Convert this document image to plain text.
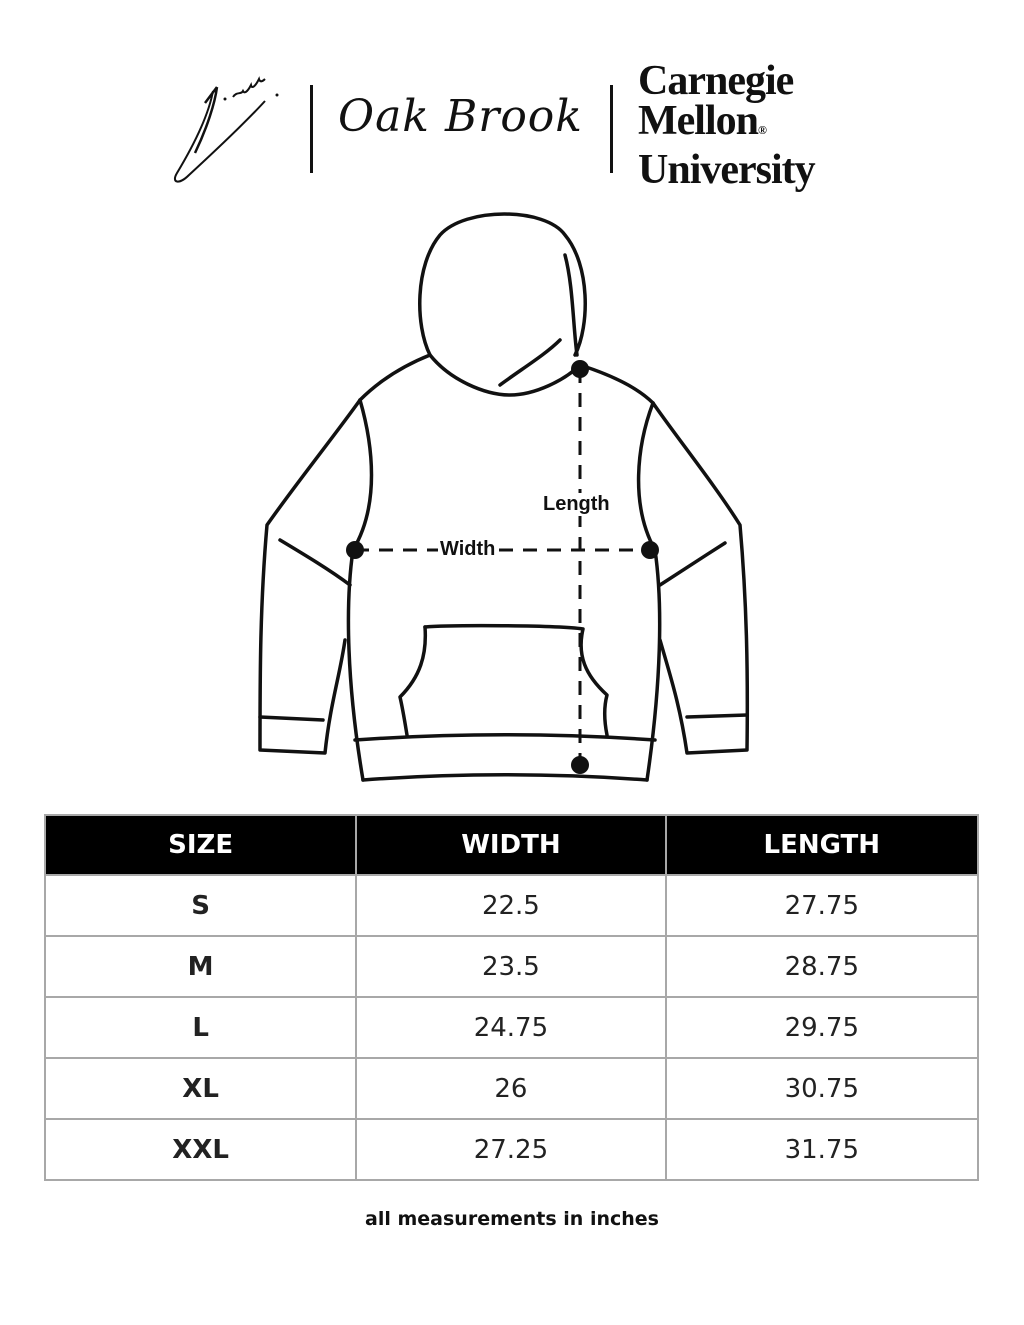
Oak Brook
Carnegie
Mellon®
University
Width
Length
SIZE	WIDTH	LENGTH
S	22.5	27.75
M	23.5	28.75
L	24.75	29.75
XL	26	30.75
XXL	27.25	31.75
all measurements in inches
